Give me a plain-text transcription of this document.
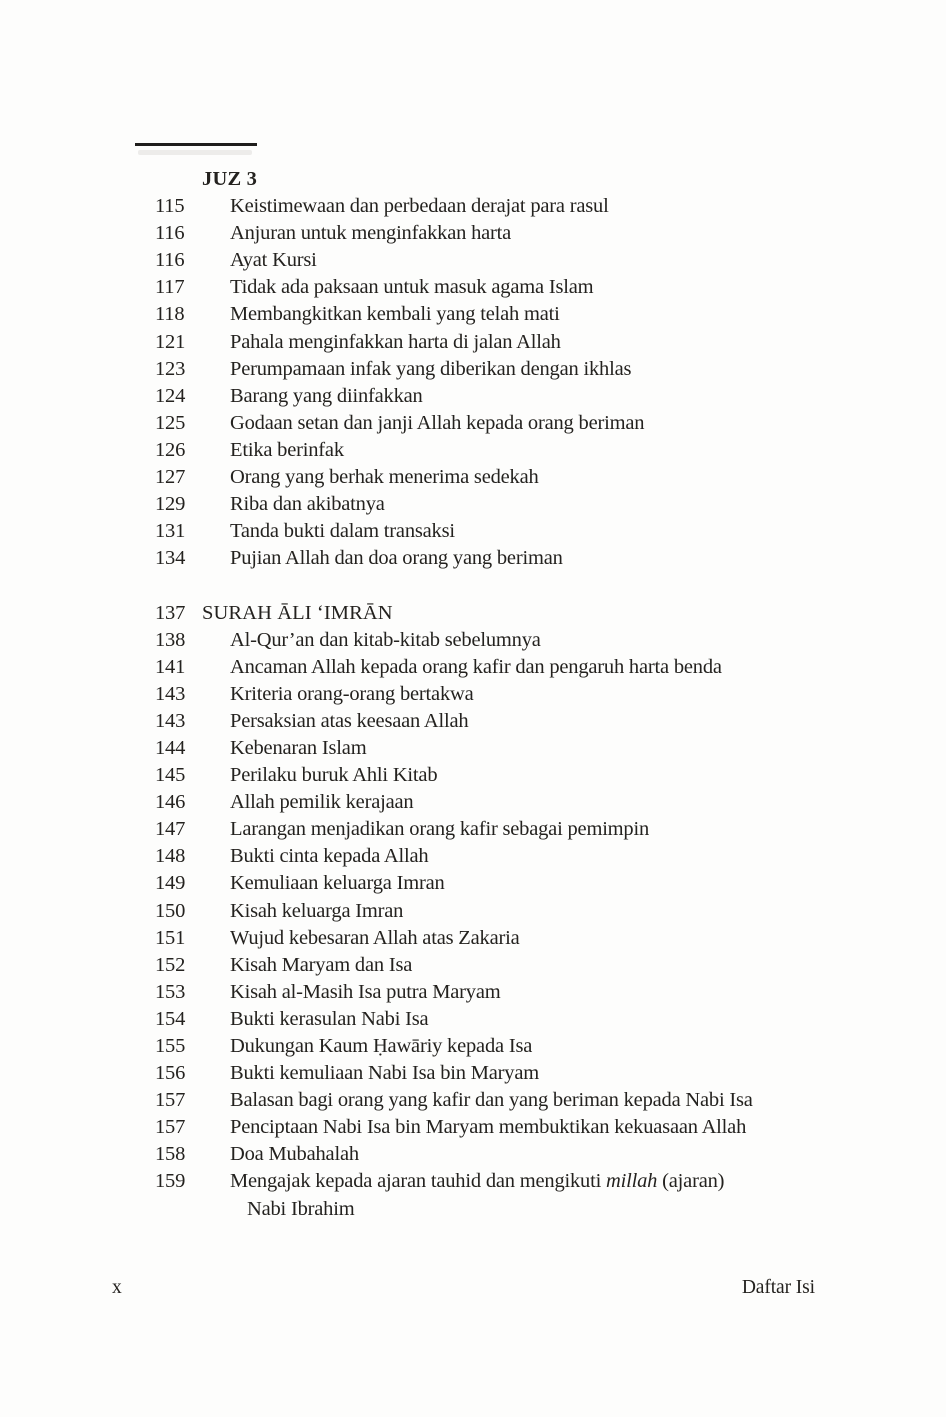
JUZ 3
115	Keistimewaan dan perbedaan derajat para rasul
116	Anjuran untuk menginfakkan harta
116	Ayat Kursi
117	Tidak ada paksaan untuk masuk agama Islam
118	Membangkitkan kembali yang telah mati
121	Pahala menginfakkan harta di jalan Allah
123	Perumpamaan infak yang diberikan dengan ikhlas
124	Barang yang diinfakkan
125	Godaan setan dan janji Allah kepada orang beriman
126	Etika berinfak
127	Orang yang berhak menerima sedekah
129	Riba dan akibatnya
131	Tanda bukti dalam transaksi
134	Pujian Allah dan doa orang yang beriman
137 SURAH ĀLI ‘IMRĀN
138	Al-Qur’an dan kitab-kitab sebelumnya
141	Ancaman Allah kepada orang kafir dan pengaruh harta benda
143	Kriteria orang-orang bertakwa
143	Persaksian atas keesaan Allah
144	Kebenaran Islam
145	Perilaku buruk Ahli Kitab
146	Allah pemilik kerajaan
147	Larangan menjadikan orang kafir sebagai pemimpin
148	Bukti cinta kepada Allah
149	Kemuliaan keluarga Imran
150	Kisah keluarga Imran
151	Wujud kebesaran Allah atas Zakaria
152	Kisah Maryam dan Isa
153	Kisah al-Masih Isa putra Maryam
154	Bukti kerasulan Nabi Isa
155	Dukungan Kaum Ḥawāriy kepada Isa
156	Bukti kemuliaan Nabi Isa bin Maryam
157	Balasan bagi orang yang kafir dan yang beriman kepada Nabi Isa
157	Penciptaan Nabi Isa bin Maryam membuktikan kekuasaan Allah
158	Doa Mubahalah
159	Mengajak kepada ajaran tauhid dan mengikuti millah (ajaran)
Nabi Ibrahim
x	Daftar Isi
